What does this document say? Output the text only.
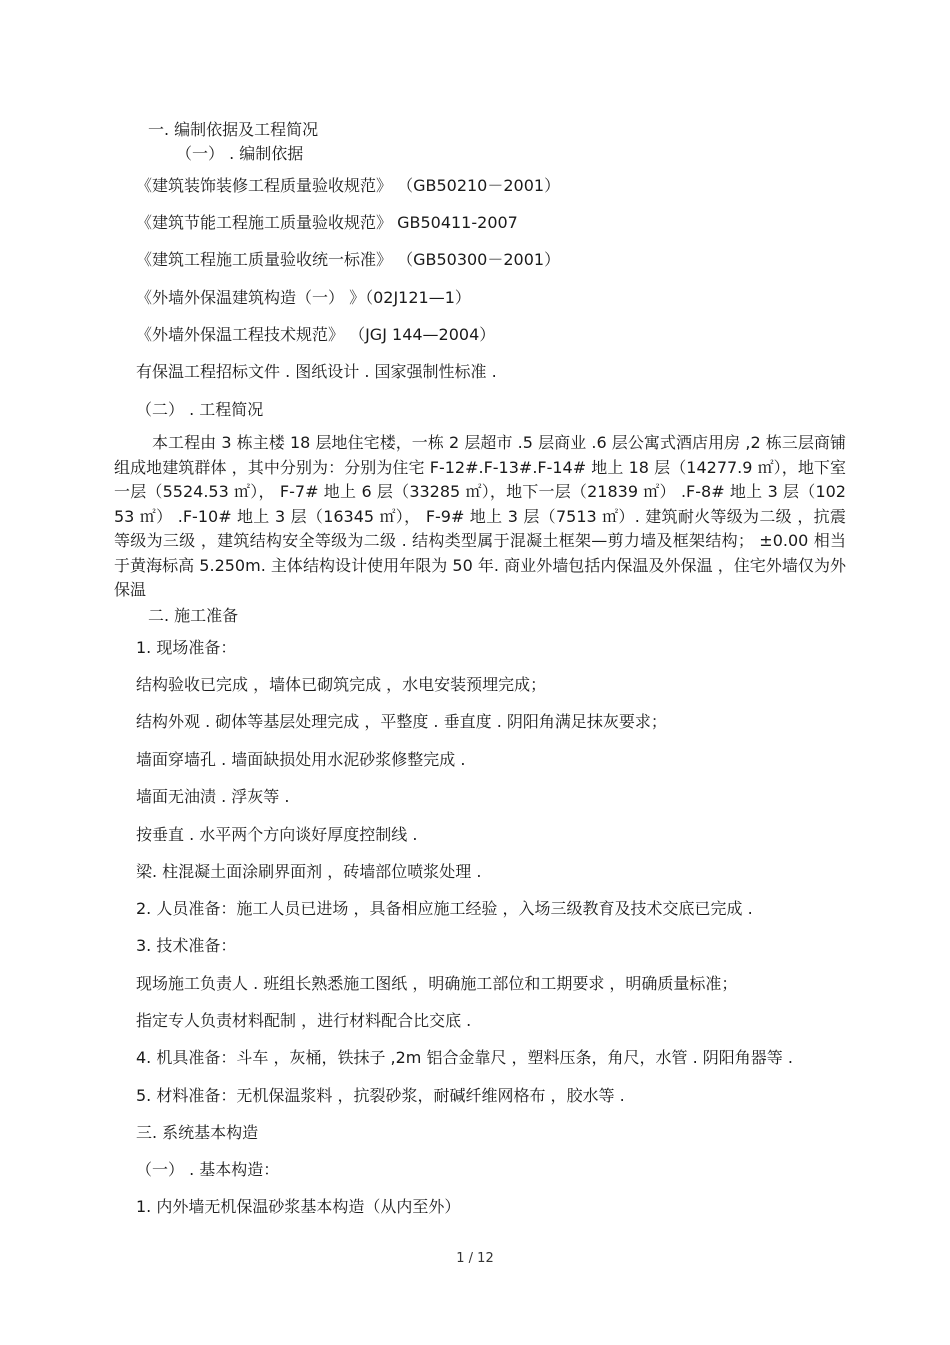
一. 编制依据及工程简况
（一） . 编制依据
《建筑装饰装修工程质量验收规范》 （GB50210－2001）
《建筑节能工程施工质量验收规范》 GB50411-2007
《建筑工程施工质量验收统一标准》 （GB50300－2001）
《外墙外保温建筑构造（一） 》（02J121—1）
《外墙外保温工程技术规范》 （JGJ 144—2004）
有保温工程招标文件 . 图纸设计 . 国家强制性标准 .
（二） . 工程简况
本工程由 3 栋主楼 18 层地住宅楼，一栋 2 层超市 .5 层商业 .6 层公寓式酒店用房 ,2 栋三层商铺组成地建筑群体 ，其中分别为：分别为住宅 F-12#.F-13#.F-14# 地上 18 层（14277.9 ㎡），地下室一层（5524.53 ㎡）， F-7# 地上 6 层（33285 ㎡），地下一层（21839 ㎡） .F-8# 地上 3 层（10253 ㎡） .F-10# 地上 3 层（16345 ㎡）， F-9# 地上 3 层（7513 ㎡）. 建筑耐火等级为二级 ，抗震等级为三级 ，建筑结构安全等级为二级 . 结构类型属于混凝土框架—剪力墙及框架结构； ±0.00 相当于黄海标高 5.250m. 主体结构设计使用年限为 50 年. 商业外墙包括内保温及外保温 ，住宅外墙仅为外保温
二. 施工准备
1. 现场准备：
结构验收已完成 ，墙体已砌筑完成 ，水电安装预埋完成；
结构外观 . 砌体等基层处理完成 ，平整度 . 垂直度 . 阴阳角满足抹灰要求；
墙面穿墙孔 . 墙面缺损处用水泥砂浆修整完成 .
墙面无油渍 . 浮灰等 .
按垂直 . 水平两个方向谈好厚度控制线 .
梁. 柱混凝土面涂刷界面剂 ，砖墙部位喷浆处理 .
2. 人员准备：施工人员已进场 ，具备相应施工经验 ，入场三级教育及技术交底已完成 .
3. 技术准备：
现场施工负责人 . 班组长熟悉施工图纸 ，明确施工部位和工期要求 ，明确质量标准；
指定专人负责材料配制 ，进行材料配合比交底 .
4. 机具准备：斗车 ，灰桶，铁抹子 ,2m 铝合金靠尺 ，塑料压条，角尺，水管 . 阴阳角器等 .
5. 材料准备：无机保温浆料 ，抗裂砂浆，耐碱纤维网格布 ，胶水等 .
三. 系统基本构造
（一） . 基本构造：
1. 内外墙无机保温砂浆基本构造（从内至外）
1 / 12
